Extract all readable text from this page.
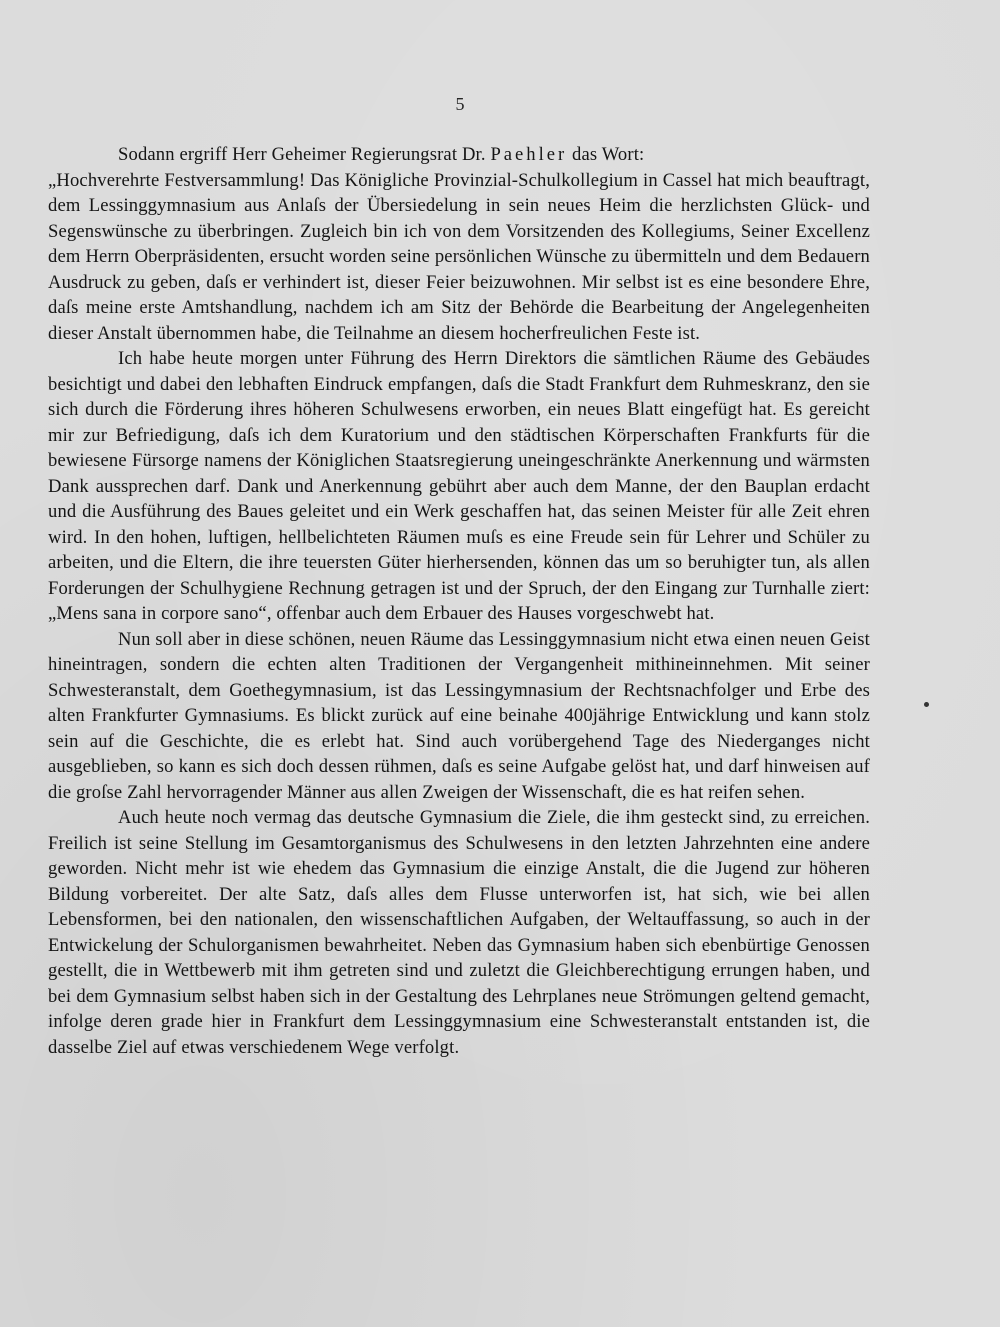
5

Sodann ergriff Herr Geheimer Regierungsrat Dr. Paehler das Wort:

„Hochverehrte Festversammlung! Das Königliche Provinzial-Schulkollegium in Cassel hat mich beauftragt, dem Lessinggymnasium aus Anlaſs der Übersiedelung in sein neues Heim die herzlichsten Glück- und Segenswünsche zu überbringen. Zugleich bin ich von dem Vorsitzenden des Kollegiums, Seiner Excellenz dem Herrn Oberpräsidenten, ersucht worden seine persönlichen Wünsche zu übermitteln und dem Bedauern Ausdruck zu geben, daſs er verhindert ist, dieser Feier beizuwohnen. Mir selbst ist es eine besondere Ehre, daſs meine erste Amtshandlung, nachdem ich am Sitz der Behörde die Bearbeitung der Angelegenheiten dieser Anstalt übernommen habe, die Teilnahme an diesem hocherfreulichen Feste ist.

Ich habe heute morgen unter Führung des Herrn Direktors die sämtlichen Räume des Gebäudes besichtigt und dabei den lebhaften Eindruck empfangen, daſs die Stadt Frankfurt dem Ruhmeskranz, den sie sich durch die Förderung ihres höheren Schulwesens erworben, ein neues Blatt eingefügt hat. Es gereicht mir zur Befriedigung, daſs ich dem Kuratorium und den städtischen Körperschaften Frankfurts für die bewiesene Fürsorge namens der Königlichen Staatsregierung uneingeschränkte Anerkennung und wärmsten Dank aussprechen darf. Dank und Anerkennung gebührt aber auch dem Manne, der den Bauplan erdacht und die Ausführung des Baues geleitet und ein Werk geschaffen hat, das seinen Meister für alle Zeit ehren wird. In den hohen, luftigen, hellbelichteten Räumen muſs es eine Freude sein für Lehrer und Schüler zu arbeiten, und die Eltern, die ihre teuersten Güter hierhersenden, können das um so beruhigter tun, als allen Forderungen der Schulhygiene Rechnung getragen ist und der Spruch, der den Eingang zur Turnhalle ziert: „Mens sana in corpore sano“, offenbar auch dem Erbauer des Hauses vorgeschwebt hat.

Nun soll aber in diese schönen, neuen Räume das Lessinggymnasium nicht etwa einen neuen Geist hineintragen, sondern die echten alten Traditionen der Vergangenheit mithineinnehmen. Mit seiner Schwesteranstalt, dem Goethegymnasium, ist das Lessingymnasium der Rechtsnachfolger und Erbe des alten Frankfurter Gymnasiums. Es blickt zurück auf eine beinahe 400jährige Entwicklung und kann stolz sein auf die Geschichte, die es erlebt hat. Sind auch vorübergehend Tage des Niederganges nicht ausgeblieben, so kann es sich doch dessen rühmen, daſs es seine Aufgabe gelöst hat, und darf hinweisen auf die groſse Zahl hervorragender Männer aus allen Zweigen der Wissenschaft, die es hat reifen sehen.

Auch heute noch vermag das deutsche Gymnasium die Ziele, die ihm gesteckt sind, zu erreichen. Freilich ist seine Stellung im Gesamtorganismus des Schulwesens in den letzten Jahrzehnten eine andere geworden. Nicht mehr ist wie ehedem das Gymnasium die einzige Anstalt, die die Jugend zur höheren Bildung vorbereitet. Der alte Satz, daſs alles dem Flusse unterworfen ist, hat sich, wie bei allen Lebensformen, bei den nationalen, den wissenschaftlichen Aufgaben, der Weltauffassung, so auch in der Entwickelung der Schulorganismen bewahrheitet. Neben das Gymnasium haben sich ebenbürtige Genossen gestellt, die in Wettbewerb mit ihm getreten sind und zuletzt die Gleichberechtigung errungen haben, und bei dem Gymnasium selbst haben sich in der Gestaltung des Lehrplanes neue Strömungen geltend gemacht, infolge deren grade hier in Frankfurt dem Lessinggymnasium eine Schwesteranstalt entstanden ist, die dasselbe Ziel auf etwas verschiedenem Wege verfolgt.
